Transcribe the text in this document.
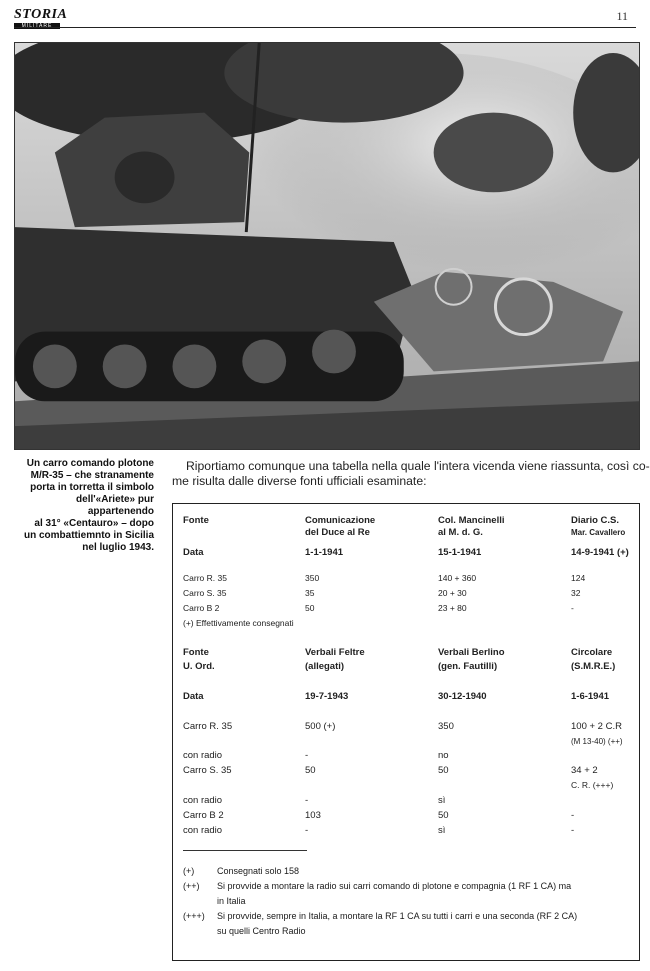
STORIA
MILITARE
11
Un carro comando plotone
M/R-35 – che stranamente
porta in torretta il simbolo
dell'«Ariete» pur appartenendo
al 31° «Centauro» – dopo
un combattiemnto in Sicilia
nel luglio 1943.
Riportiamo comunque una tabella nella quale l'intera vicenda viene riassunta, così co-
me risulta dalle diverse fonti ufficiali esaminate:
Fonte	Comunicazione	Col. Mancinelli	Diario C.S.
del Duce al Re	al M. d. G.	Mar. Cavallero
Data	1-1-1941	15-1-1941	14-9-1941 (+)
Carro R. 35	350	140 + 360	124
Carro S. 35	35	20 + 30	32
Carro B 2	50	23 + 80	-
(+) Effettivamente consegnati
Fonte	Verbali Feltre	Verbali Berlino	Circolare
U. Ord.	(allegati)	(gen. Fautilli)	(S.M.R.E.)
Data	19-7-1943	30-12-1940	1-6-1941
Carro R. 35	500 (+)	350	100 + 2 C.R
(M 13-40) (++)
con radio	-	no
Carro S. 35	50	50	34 + 2
C. R. (+++)
con radio	-	sì
Carro B 2	103	50	-
con radio	-	sì	-
(+)	Consegnati solo 158
(++) Si provvide a montare la radio sui carri comando di plotone e compagnia (1 RF 1 CA) ma
in Italia
(+++) Si provvide, sempre in Italia, a montare la RF 1 CA su tutti i carri e una seconda (RF 2 CA)
su quelli Centro Radio
